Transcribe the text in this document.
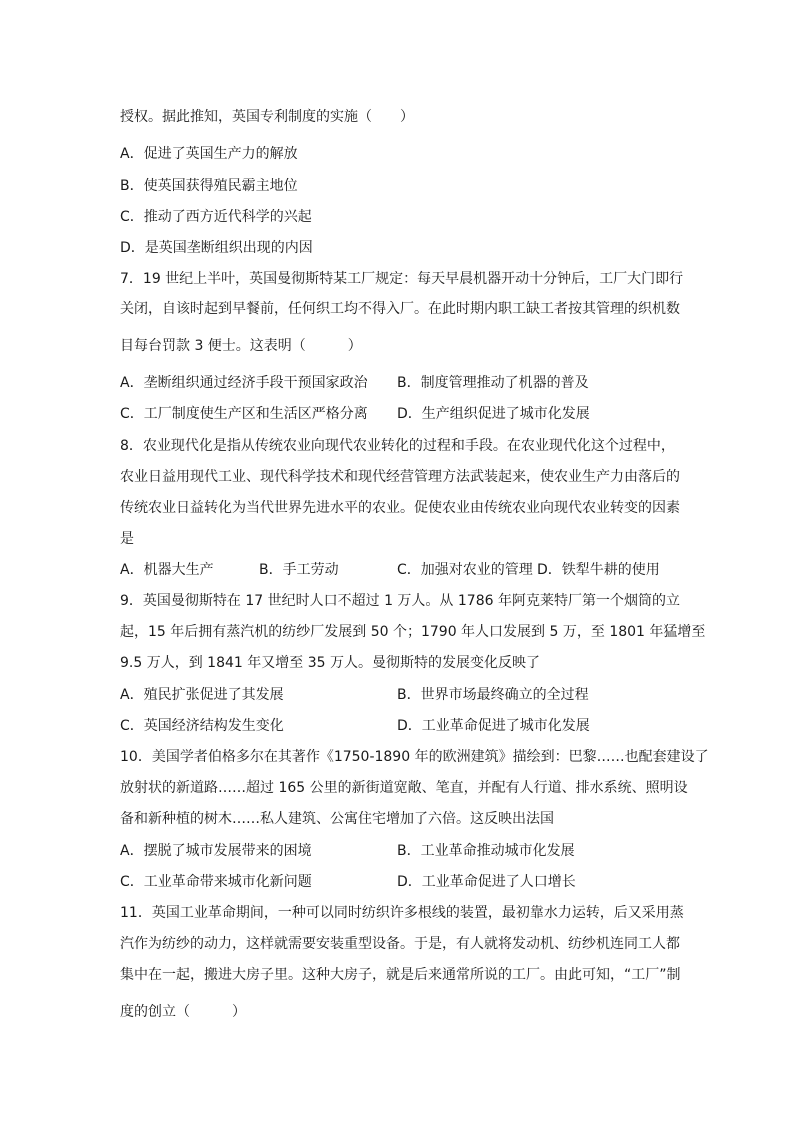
授权。据此推知，英国专利制度的实施（　　）
A．促进了英国生产力的解放
B．使英国获得殖民霸主地位
C．推动了西方近代科学的兴起
D．是英国垄断组织出现的内因
7．19 世纪上半叶，英国曼彻斯特某工厂规定：每天早晨机器开动十分钟后，工厂大门即行
关闭，自该时起到早餐前，任何织工均不得入厂。在此时期内职工缺工者按其管理的织机数
目每台罚款 3 便士。这表明（　　　）
A．垄断组织通过经济手段干预国家政治 B．制度管理推动了机器的普及
C．工厂制度使生产区和生活区严格分离 D．生产组织促进了城市化发展
8．农业现代化是指从传统农业向现代农业转化的过程和手段。在农业现代化这个过程中，
农业日益用现代工业、现代科学技术和现代经营管理方法武装起来，使农业生产力由落后的
传统农业日益转化为当代世界先进水平的农业。促使农业由传统农业向现代农业转变的因素
是
A．机器大生产	B．手工劳动	C．加强对农业的管理 D．铁犁牛耕的使用
9．英国曼彻斯特在 17 世纪时人口不超过 1 万人。从 1786 年阿克莱特厂第一个烟筒的立
起，15 年后拥有蒸汽机的纺纱厂发展到 50 个；1790 年人口发展到 5 万，至 1801 年猛增至
9.5 万人，到 1841 年又增至 35 万人。曼彻斯特的发展变化反映了
A．殖民扩张促进了其发展	B．世界市场最终确立的全过程
C．英国经济结构发生变化	D．工业革命促进了城市化发展
10．美国学者伯格多尔在其著作《1750-1890 年的欧洲建筑》描绘到：巴黎……也配套建设了
放射状的新道路……超过 165 公里的新街道宽敞、笔直，并配有人行道、排水系统、照明设
备和新种植的树木……私人建筑、公寓住宅增加了六倍。这反映出法国
A．摆脱了城市发展带来的困境	B．工业革命推动城市化发展
C．工业革命带来城市化新问题	D．工业革命促进了人口增长
11．英国工业革命期间，一种可以同时纺织许多根线的装置，最初靠水力运转，后又采用蒸
汽作为纺纱的动力，这样就需要安装重型设备。于是，有人就将发动机、纺纱机连同工人都
集中在一起，搬进大房子里。这种大房子，就是后来通常所说的工厂。由此可知，“工厂”制
度的创立（　　　）
